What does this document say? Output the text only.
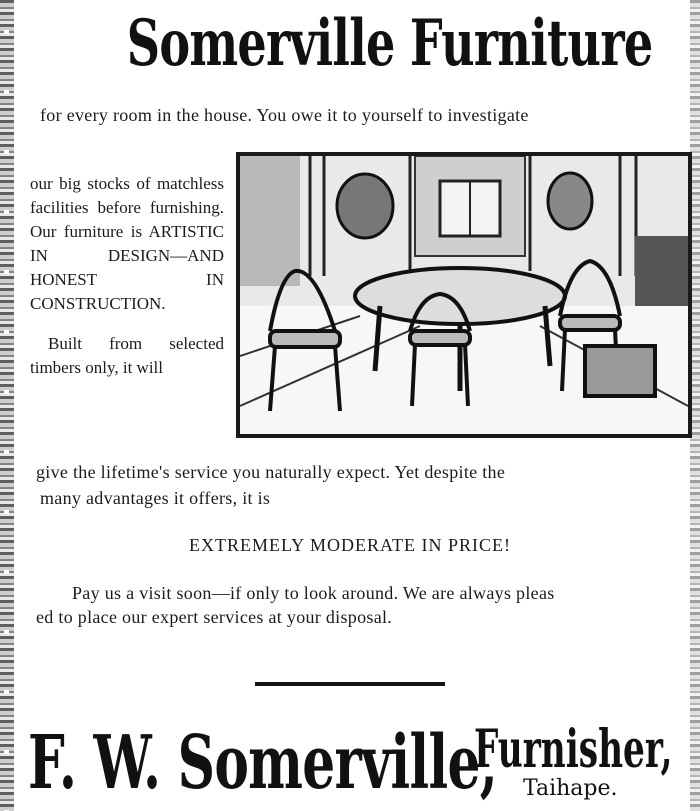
Somerville Furniture
for every room in the house. You owe it to yourself to investigate

our big stocks of matchless facilities before furnishing. Our furniture is ARTISTIC IN DESIGN—AND HONEST IN CONSTRUCTION.

Built from selected timbers only, it will

give the lifetime's service you naturally expect. Yet despite the
many advantages it offers, it is
EXTREMELY MODERATE IN PRICE!
Pay us a visit soon—if only to look around. We are always pleas
ed to place our expert services at your disposal.
F. W. Somerville,
Furnisher,
Taihape.
